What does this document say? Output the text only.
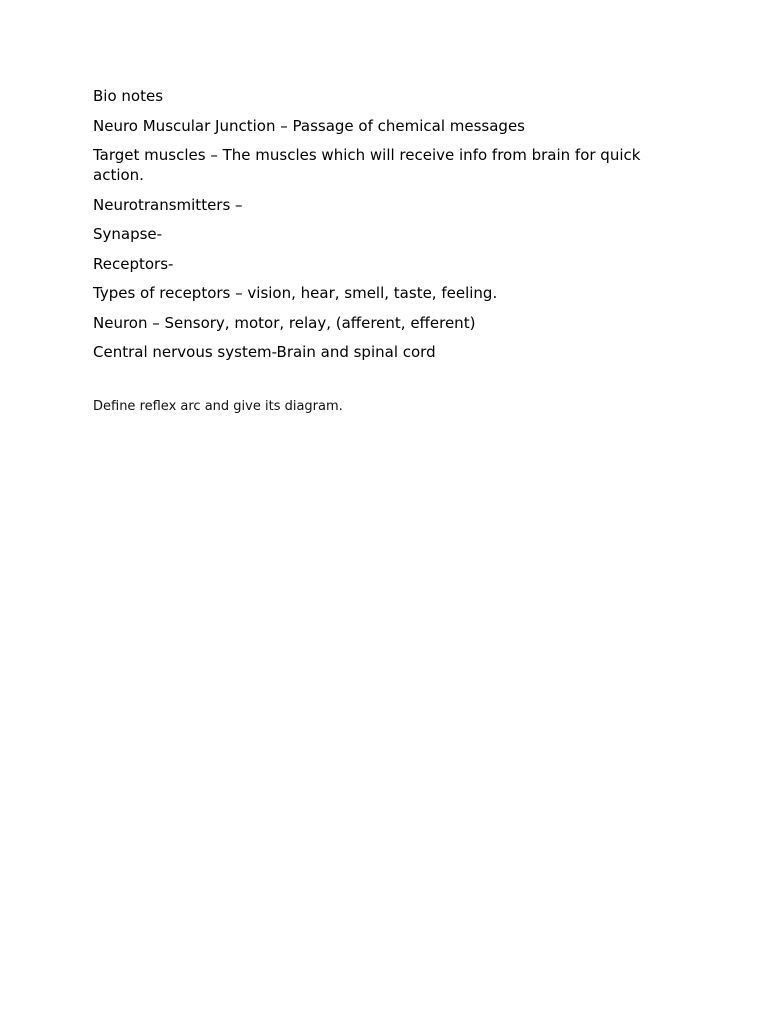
Bio notes

Neuro Muscular Junction – Passage of chemical messages

Target muscles – The muscles which will receive info from brain for quick action.

Neurotransmitters –

Synapse-

Receptors-

Types of receptors – vision, hear, smell, taste, feeling.

Neuron – Sensory, motor, relay, (afferent, efferent)

Central nervous system-Brain and spinal cord

Define reflex arc and give its diagram.
